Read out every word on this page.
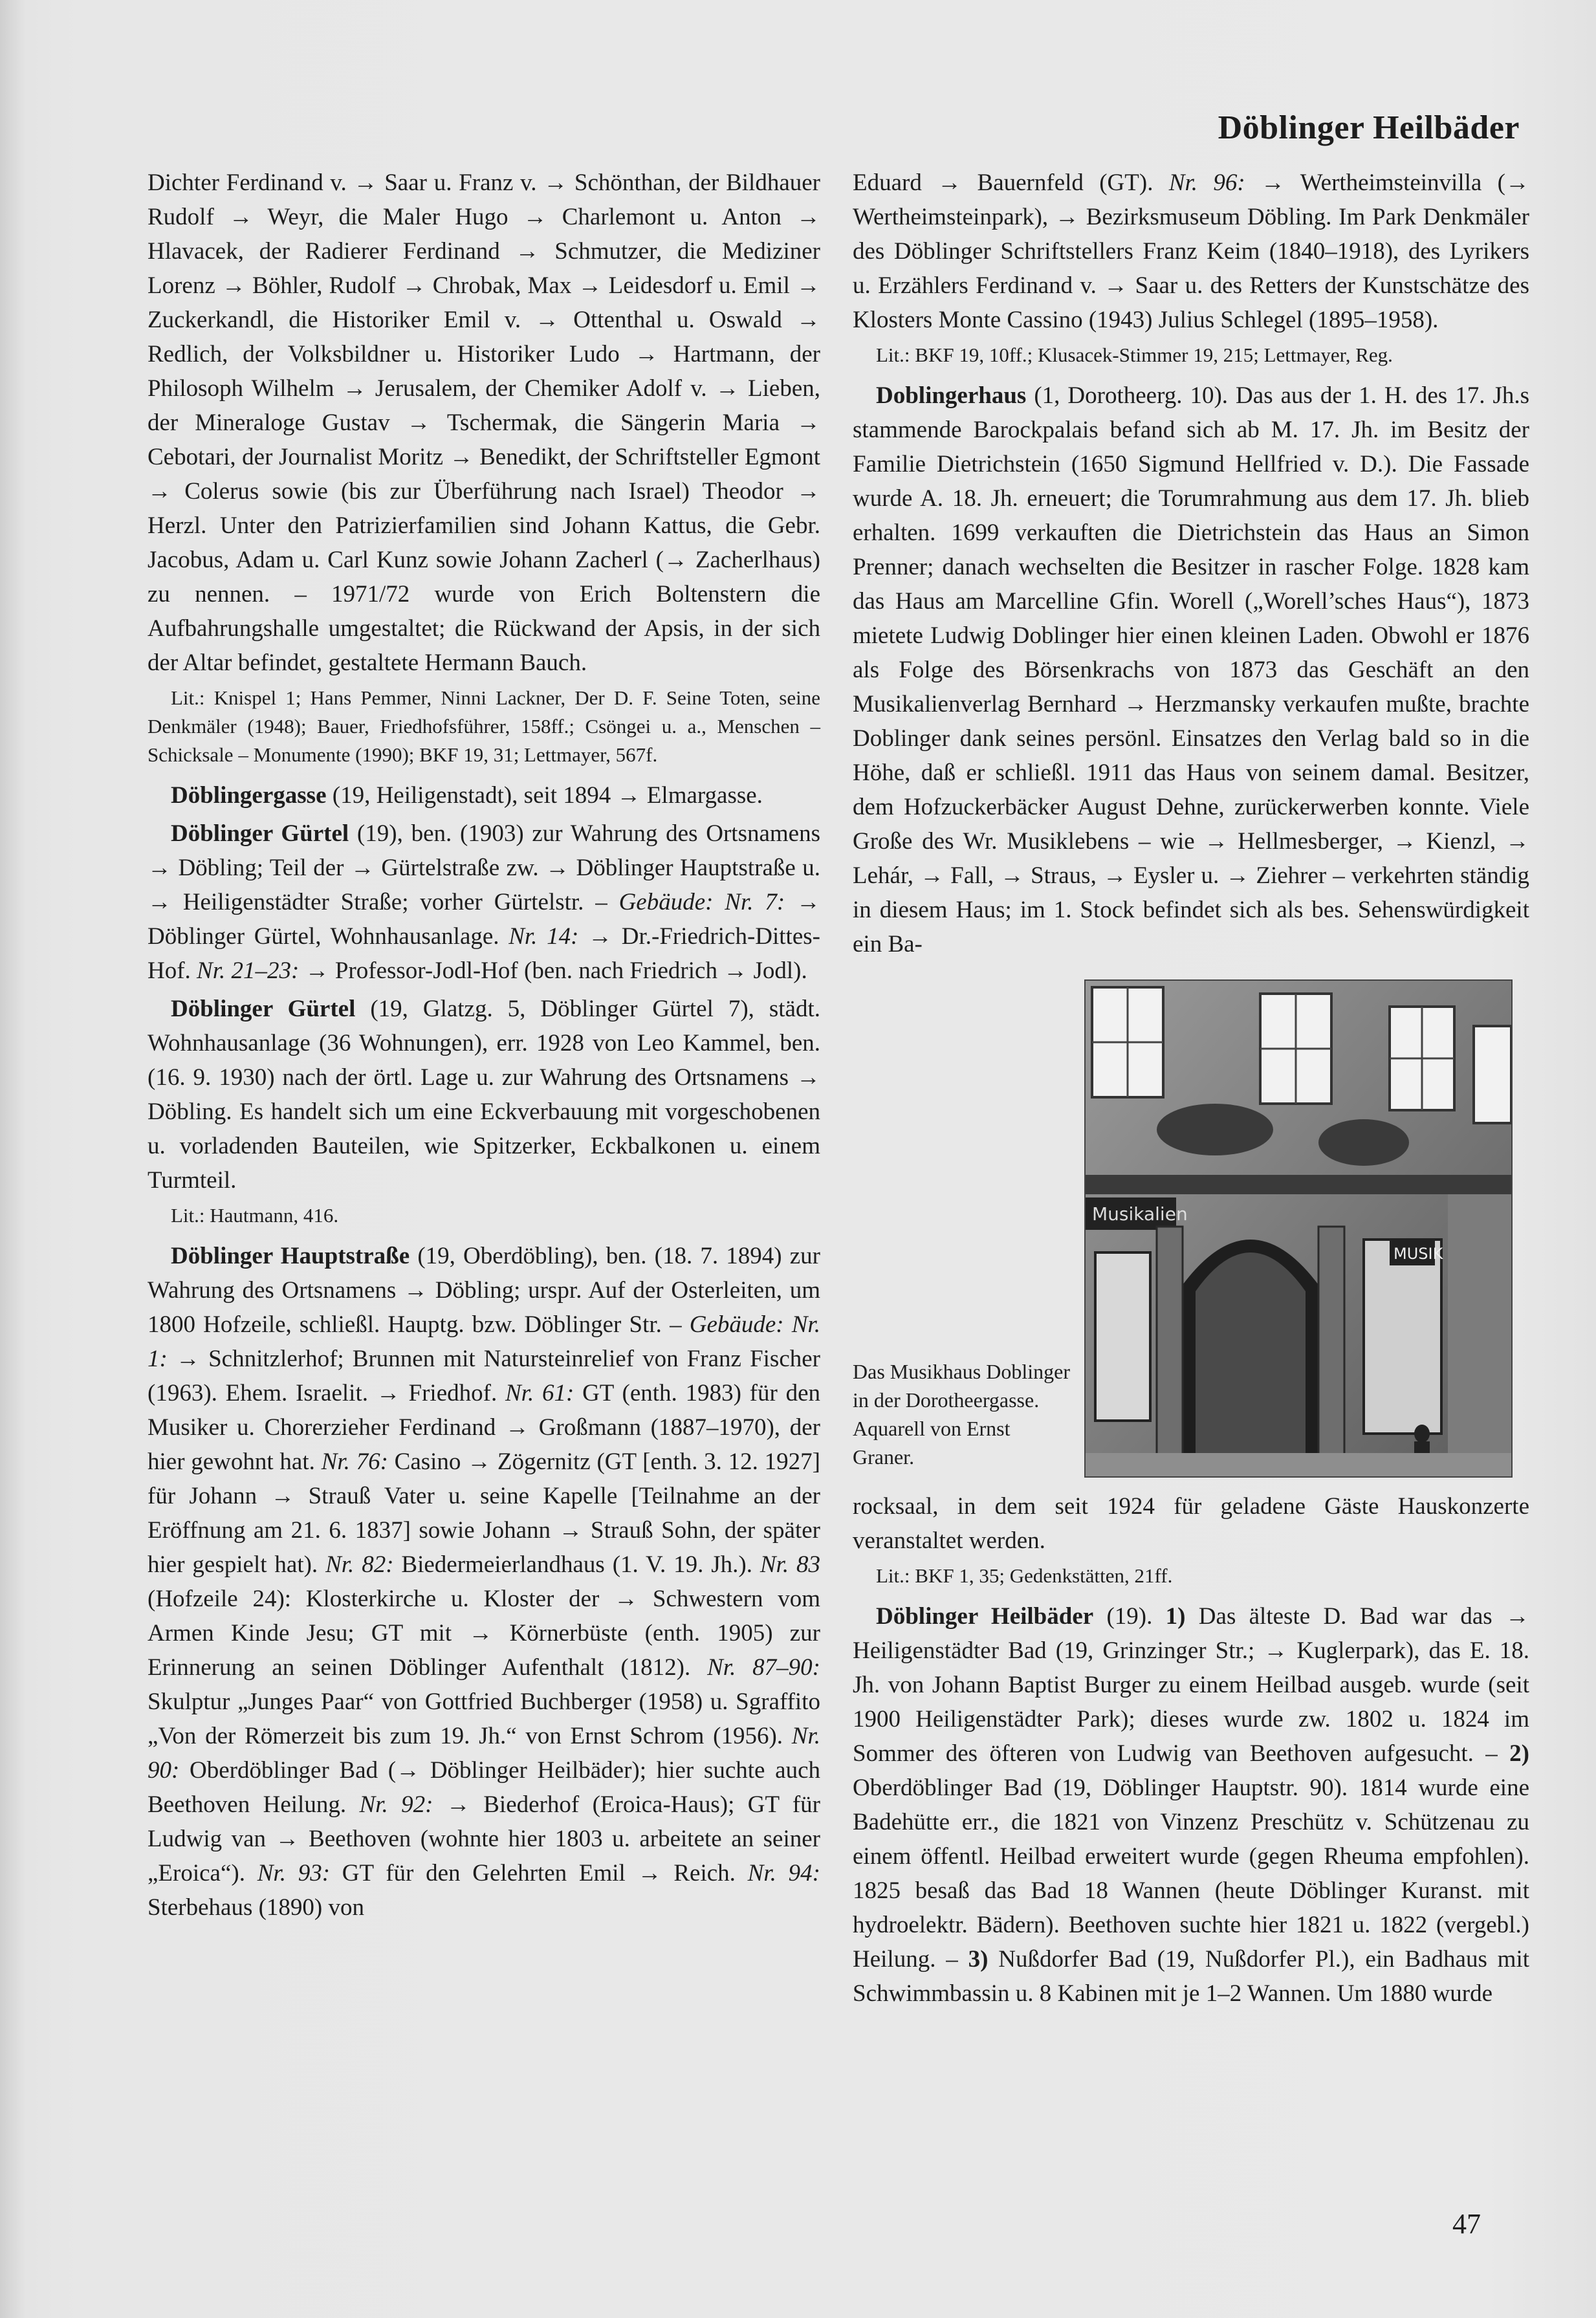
Döblinger Heilbäder

Dichter Ferdinand v. → Saar u. Franz v. → Schönthan, der Bildhauer Rudolf → Weyr, die Maler Hugo → Charlemont u. Anton → Hlavacek, der Radierer Ferdinand → Schmutzer, die Mediziner Lorenz → Böhler, Rudolf → Chrobak, Max → Leidesdorf u. Emil → Zuckerkandl, die Historiker Emil v. → Ottenthal u. Oswald → Redlich, der Volksbildner u. Historiker Ludo → Hartmann, der Philosoph Wilhelm → Jerusalem, der Chemiker Adolf v. → Lieben, der Mineraloge Gustav → Tschermak, die Sängerin Maria → Cebotari, der Journalist Moritz → Benedikt, der Schriftsteller Egmont → Colerus sowie (bis zur Überführung nach Israel) Theodor → Herzl. Unter den Patrizierfamilien sind Johann Kattus, die Gebr. Jacobus, Adam u. Carl Kunz sowie Johann Zacherl (→ Zacherlhaus) zu nennen. – 1971/72 wurde von Erich Boltenstern die Aufbahrungshalle umgestaltet; die Rückwand der Apsis, in der sich der Altar befindet, gestaltete Hermann Bauch.

Lit.: Knispel 1; Hans Pemmer, Ninni Lackner, Der D. F. Seine Toten, seine Denkmäler (1948); Bauer, Friedhofsführer, 158ff.; Csöngei u. a., Menschen – Schicksale – Monumente (1990); BKF 19, 31; Lettmayer, 567f.

Döblingergasse (19, Heiligenstadt), seit 1894 → Elmargasse.

Döblinger Gürtel (19), ben. (1903) zur Wahrung des Ortsnamens → Döbling; Teil der → Gürtelstraße zw. → Döblinger Hauptstraße u. → Heiligenstädter Straße; vorher Gürtelstr. – Gebäude: Nr. 7: → Döblinger Gürtel, Wohnhausanlage. Nr. 14: → Dr.-Friedrich-Dittes-Hof. Nr. 21–23: → Professor-Jodl-Hof (ben. nach Friedrich → Jodl).

Döblinger Gürtel (19, Glatzg. 5, Döblinger Gürtel 7), städt. Wohnhausanlage (36 Wohnungen), err. 1928 von Leo Kammel, ben. (16. 9. 1930) nach der örtl. Lage u. zur Wahrung des Ortsnamens → Döbling. Es handelt sich um eine Eckverbauung mit vorgeschobenen u. vorladenden Bauteilen, wie Spitzerker, Eckbalkonen u. einem Turmteil.

Lit.: Hautmann, 416.

Döblinger Hauptstraße (19, Oberdöbling), ben. (18. 7. 1894) zur Wahrung des Ortsnamens → Döbling; urspr. Auf der Osterleiten, um 1800 Hofzeile, schließl. Hauptg. bzw. Döblinger Str. – Gebäude: Nr. 1: → Schnitzlerhof; Brunnen mit Natursteinrelief von Franz Fischer (1963). Ehem. Israelit. → Friedhof. Nr. 61: GT (enth. 1983) für den Musiker u. Chorerzieher Ferdinand → Großmann (1887–1970), der hier gewohnt hat. Nr. 76: Casino → Zögernitz (GT [enth. 3. 12. 1927] für Johann → Strauß Vater u. seine Kapelle [Teilnahme an der Eröffnung am 21. 6. 1837] sowie Johann → Strauß Sohn, der später hier gespielt hat). Nr. 82: Biedermeierlandhaus (1. V. 19. Jh.). Nr. 83 (Hofzeile 24): Klosterkirche u. Kloster der → Schwestern vom Armen Kinde Jesu; GT mit → Körnerbüste (enth. 1905) zur Erinnerung an seinen Döblinger Aufenthalt (1812). Nr. 87–90: Skulptur „Junges Paar“ von Gottfried Buchberger (1958) u. Sgraffito „Von der Römerzeit bis zum 19. Jh.“ von Ernst Schrom (1956). Nr. 90: Oberdöblinger Bad (→ Döblinger Heilbäder); hier suchte auch Beethoven Heilung. Nr. 92: → Biederhof (Eroica-Haus); GT für Ludwig van → Beethoven (wohnte hier 1803 u. arbeitete an seiner „Eroica“). Nr. 93: GT für den Gelehrten Emil → Reich. Nr. 94: Sterbehaus (1890) von

Eduard → Bauernfeld (GT). Nr. 96: → Wertheimsteinvilla (→ Wertheimsteinpark), → Bezirksmuseum Döbling. Im Park Denkmäler des Döblinger Schriftstellers Franz Keim (1840–1918), des Lyrikers u. Erzählers Ferdinand v. → Saar u. des Retters der Kunstschätze des Klosters Monte Cassino (1943) Julius Schlegel (1895–1958).

Lit.: BKF 19, 10ff.; Klusacek-Stimmer 19, 215; Lettmayer, Reg.

Doblingerhaus (1, Dorotheerg. 10). Das aus der 1. H. des 17. Jh.s stammende Barockpalais befand sich ab M. 17. Jh. im Besitz der Familie Dietrichstein (1650 Sigmund Hellfried v. D.). Die Fassade wurde A. 18. Jh. erneuert; die Torumrahmung aus dem 17. Jh. blieb erhalten. 1699 verkauften die Dietrichstein das Haus an Simon Prenner; danach wechselten die Besitzer in rascher Folge. 1828 kam das Haus am Marcelline Gfin. Worell („Worell’sches Haus“), 1873 mietete Ludwig Doblinger hier einen kleinen Laden. Obwohl er 1876 als Folge des Börsenkrachs von 1873 das Geschäft an den Musikalienverlag Bernhard → Herzmansky verkaufen mußte, brachte Doblinger dank seines persönl. Einsatzes den Verlag bald so in die Höhe, daß er schließl. 1911 das Haus von seinem damal. Besitzer, dem Hofzuckerbäcker August Dehne, zurückerwerben konnte. Viele Große des Wr. Musiklebens – wie → Hellmesberger, → Kienzl, → Lehár, → Fall, → Straus, → Eysler u. → Ziehrer – verkehrten ständig in diesem Haus; im 1. Stock befindet sich als bes. Sehenswürdigkeit ein Ba-

Das Musikhaus Doblinger in der Dorotheergasse. Aquarell von Ernst Graner.
Musikalien
MUSIK

rocksaal, in dem seit 1924 für geladene Gäste Hauskonzerte veranstaltet werden.

Lit.: BKF 1, 35; Gedenkstätten, 21ff.

Döblinger Heilbäder (19). 1) Das älteste D. Bad war das → Heiligenstädter Bad (19, Grinzinger Str.; → Kuglerpark), das E. 18. Jh. von Johann Baptist Burger zu einem Heilbad ausgeb. wurde (seit 1900 Heiligenstädter Park); dieses wurde zw. 1802 u. 1824 im Sommer des öfteren von Ludwig van Beethoven aufgesucht. – 2) Oberdöblinger Bad (19, Döblinger Hauptstr. 90). 1814 wurde eine Badehütte err., die 1821 von Vinzenz Preschütz v. Schützenau zu einem öffentl. Heilbad erweitert wurde (gegen Rheuma empfohlen). 1825 besaß das Bad 18 Wannen (heute Döblinger Kuranst. mit hydroelektr. Bädern). Beethoven suchte hier 1821 u. 1822 (vergebl.) Heilung. – 3) Nußdorfer Bad (19, Nußdorfer Pl.), ein Badhaus mit Schwimmbassin u. 8 Kabinen mit je 1–2 Wannen. Um 1880 wurde

47
